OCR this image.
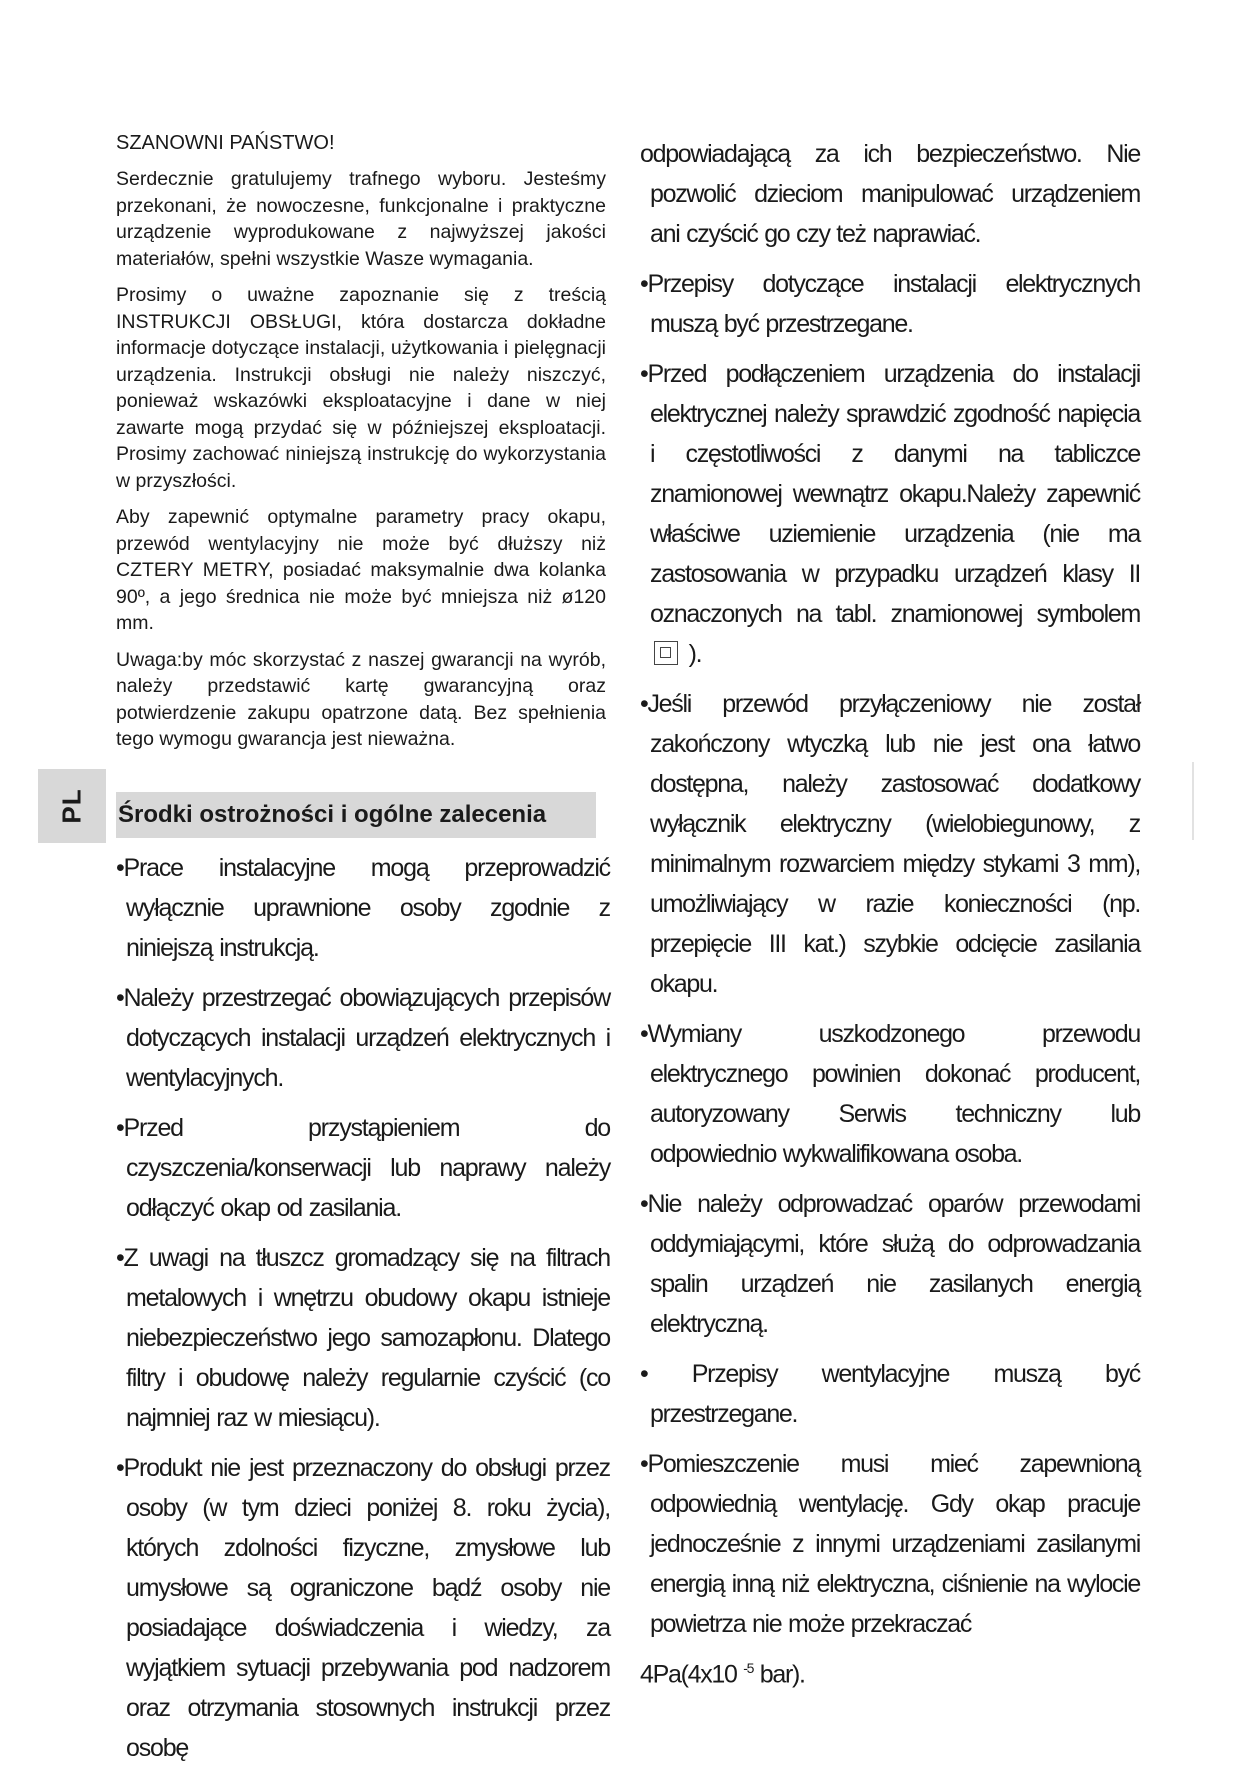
PL

SZANOWNI PAŃSTWO!

Serdecznie gratulujemy trafnego wyboru. Jesteśmy przekonani, że nowoczesne, funkcjonalne i praktyczne urządzenie wyprodukowane z najwyższej jakości materiałów, spełni wszystkie Wasze wymagania.

Prosimy o uważne zapoznanie się z treścią INSTRUKCJI OBSŁUGI, która dostarcza dokładne informacje dotyczące instalacji, użytkowania i pielęgnacji urządzenia. Instrukcji obsługi nie należy niszczyć, ponieważ wskazówki eksploatacyjne i dane w niej zawarte mogą przydać się w późniejszej eksploatacji. Prosimy zachować niniejszą instrukcję do wykorzystania w przyszłości.

Aby zapewnić optymalne parametry pracy okapu, przewód wentylacyjny nie może być dłuższy niż CZTERY METRY, posiadać maksymalnie dwa kolanka 90º, a jego średnica nie może być mniejsza niż ø120 mm.

Uwaga:by móc skorzystać z naszej gwarancji na wyrób, należy przedstawić kartę gwarancyjną oraz potwierdzenie zakupu opatrzone datą. Bez spełnienia tego wymogu gwarancja jest nieważna.

Środki ostrożności i ogólne zalecenia

•Prace instalacyjne mogą przeprowadzić wyłącznie uprawnione osoby zgodnie z niniejszą instrukcją.

•Należy przestrzegać obowiązujących przepisów dotyczących instalacji urządzeń elektrycznych i wentylacyjnych.

•Przed przystąpieniem do czyszczenia/konserwacji lub naprawy należy odłączyć okap od zasilania.

•Z uwagi na tłuszcz gromadzący się na filtrach metalowych i wnętrzu obudowy okapu istnieje niebezpieczeństwo jego samozapłonu. Dlatego filtry i obudowę należy regularnie czyścić (co najmniej raz w miesiącu).

•Produkt nie jest przeznaczony do obsługi przez osoby (w tym dzieci poniżej 8. roku życia), których zdolności fizyczne, zmysłowe lub umysłowe są ograniczone bądź osoby nie posiadające doświadczenia i wiedzy, za wyjątkiem sytuacji przebywania pod nadzorem oraz otrzymania stosownych instrukcji przez osobę

odpowiadającą za ich bezpieczeństwo. Nie pozwolić dzieciom manipulować urządzeniem ani czyścić go czy też naprawiać.

•Przepisy dotyczące instalacji elektrycznych muszą być przestrzegane.

•Przed podłączeniem urządzenia do instalacji elektrycznej należy sprawdzić zgodność napięcia i częstotliwości z danymi na tabliczce znamionowej wewnątrz okapu.Należy zapewnić właściwe uziemienie urządzenia (nie ma zastosowania w przypadku urządzeń klasy II oznaczonych na tabl. znamionowej symbolem  ).

•Jeśli przewód przyłączeniowy nie został zakończony wtyczką lub nie jest ona łatwo dostępna, należy zastosować dodatkowy wyłącznik elektryczny (wielobiegunowy, z minimalnym rozwarciem między stykami 3 mm), umożliwiający w razie konieczności (np. przepięcie III kat.) szybkie odcięcie zasilania okapu.

•Wymiany uszkodzonego przewodu elektrycznego powinien dokonać producent, autoryzowany Serwis techniczny lub odpowiednio wykwalifikowana osoba.

•Nie należy odprowadzać oparów przewodami oddymiającymi, które służą do odprowadzania spalin urządzeń nie zasilanych energią elektryczną.

• Przepisy wentylacyjne muszą być przestrzegane.

•Pomieszczenie musi mieć zapewnioną odpowiednią wentylację. Gdy okap pracuje jednocześnie z innymi urządzeniami zasilanymi energią inną niż elektryczna, ciśnienie na wylocie powietrza nie może przekraczać

4Pa(4x10 $^{-5}$ bar).
